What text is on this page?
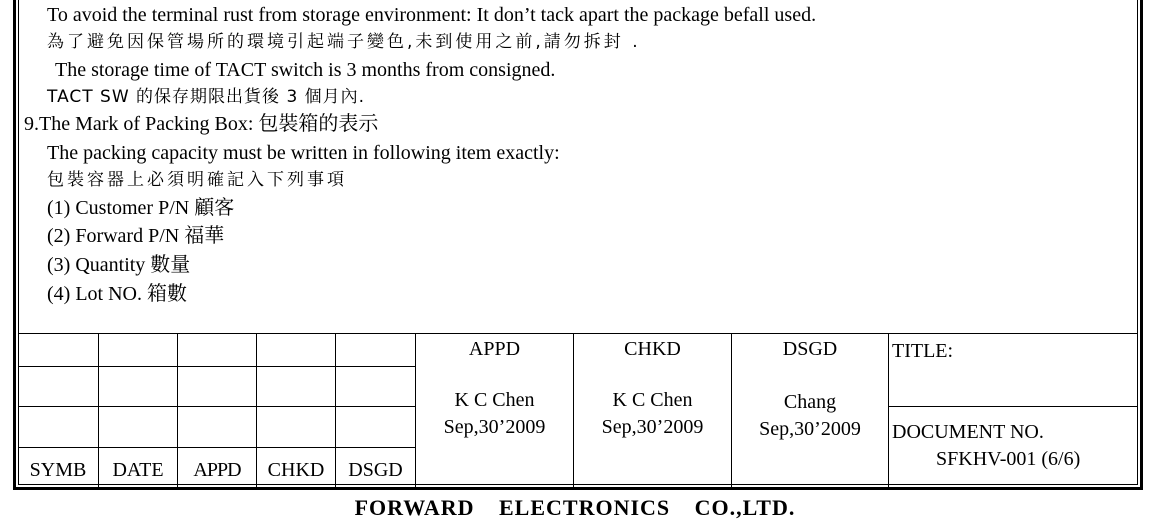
To avoid the terminal rust from storage environment: It don’t tack apart the package befall used.
為了避免因保管場所的環境引起端子變色,未到使用之前,請勿拆封 .
The storage time of TACT switch is 3 months from consigned.
TACT SW 的保存期限出貨後 3 個月內.
9.The Mark of Packing Box: 包裝箱的表示
The packing capacity must be written in following item exactly:
包裝容器上必須明確記入下列事項
(1) Customer P/N 顧客
(2) Forward P/N 福華
(3) Quantity 數量
(4) Lot NO. 箱數
SYMB	DATE	APPD	CHKD	DSGD
APPD
K C Chen
Sep,30’2009
CHKD
K C Chen
Sep,30’2009
DSGD
Chang
Sep,30’2009
TITLE:
DOCUMENT NO.
SFKHV-001 (6/6)
FORWARD ELECTRONICS CO.,LTD.
